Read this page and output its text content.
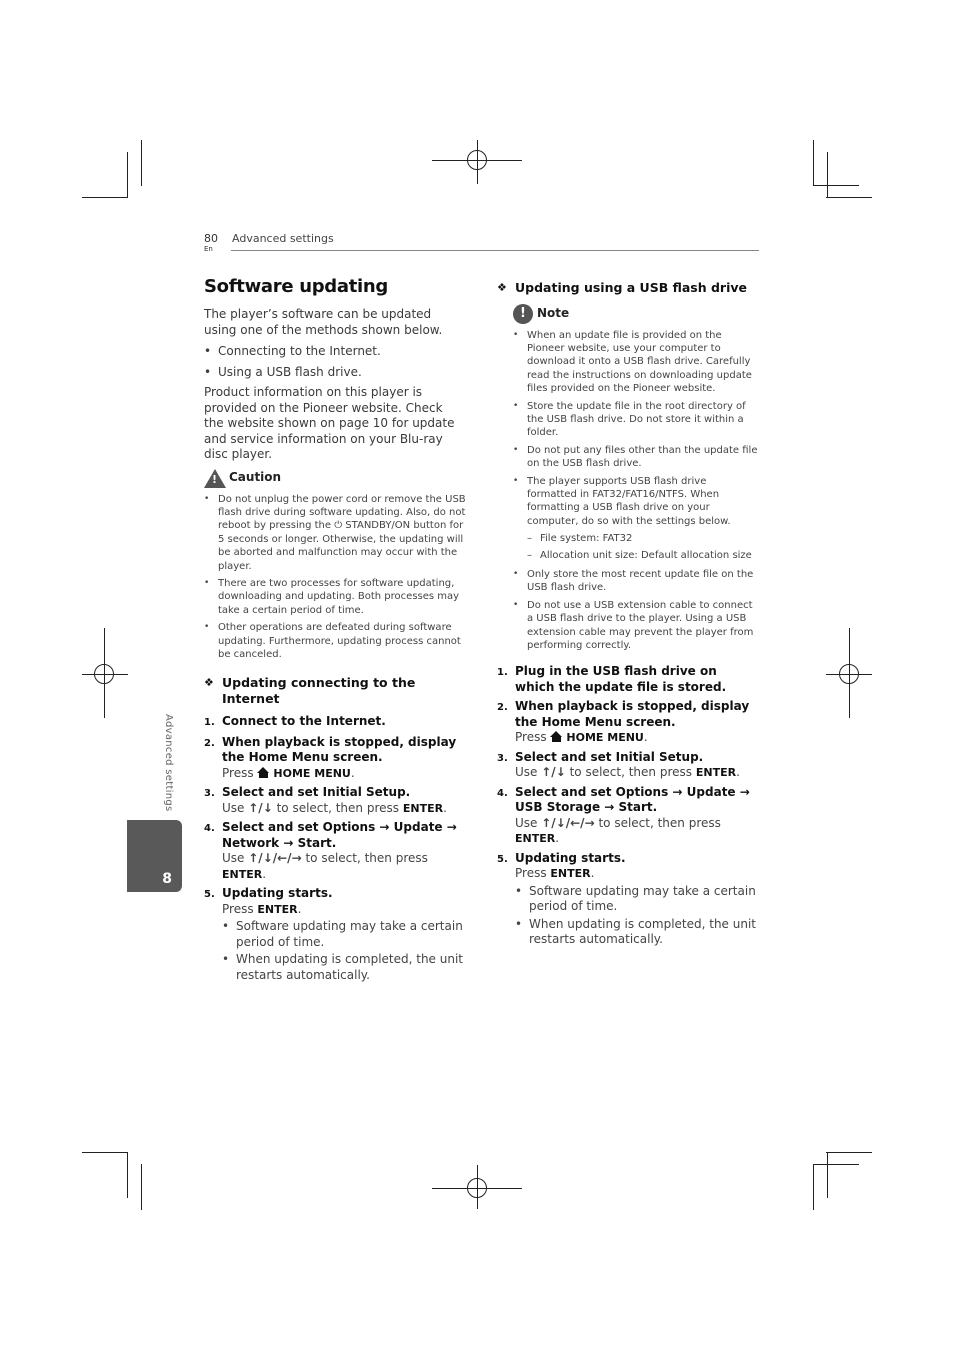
80
En
Advanced settings
Advanced settings
8
Software updating

The player’s software can be updated using one of the methods shown below.

• Connecting to the Internet.
• Using a USB flash drive.

Product information on this player is provided on the Pioneer website. Check the website shown on page 10 for update and service information on your Blu-ray disc player.

! Caution
• Do not unplug the power cord or remove the USB flash drive during software updating. Also, do not reboot by pressing the ⏻ STANDBY/ON button for 5 seconds or longer. Otherwise, the updating will be aborted and malfunction may occur with the player.
• There are two processes for software updating, downloading and updating. Both processes may take a certain period of time.
• Other operations are defeated during software updating. Furthermore, updating process cannot be canceled.
❖ Updating connecting to the Internet
1. Connect to the Internet.
2. When playback is stopped, display the Home Menu screen.
Press HOME MENU.
3. Select and set Initial Setup.
Use ↑/↓ to select, then press ENTER.
4. Select and set Options → Update → Network → Start.
Use ↑/↓/←/→ to select, then press ENTER.
5. Updating starts.
Press ENTER.
• Software updating may take a certain period of time.
• When updating is completed, the unit restarts automatically.
❖ Updating using a USB flash drive
! Note
• When an update file is provided on the Pioneer website, use your computer to download it onto a USB flash drive. Carefully read the instructions on downloading update files provided on the Pioneer website.
• Store the update file in the root directory of the USB flash drive. Do not store it within a folder.
• Do not put any files other than the update file on the USB flash drive.
• The player supports USB flash drive formatted in FAT32/FAT16/NTFS. When formatting a USB flash drive on your computer, do so with the settings below.
– File system: FAT32
– Allocation unit size: Default allocation size
• Only store the most recent update file on the USB flash drive.
• Do not use a USB extension cable to connect a USB flash drive to the player. Using a USB extension cable may prevent the player from performing correctly.
1. Plug in the USB flash drive on which the update file is stored.
2. When playback is stopped, display the Home Menu screen.
Press HOME MENU.
3. Select and set Initial Setup.
Use ↑/↓ to select, then press ENTER.
4. Select and set Options → Update → USB Storage → Start.
Use ↑/↓/←/→ to select, then press ENTER.
5. Updating starts.
Press ENTER.
• Software updating may take a certain period of time.
• When updating is completed, the unit restarts automatically.
